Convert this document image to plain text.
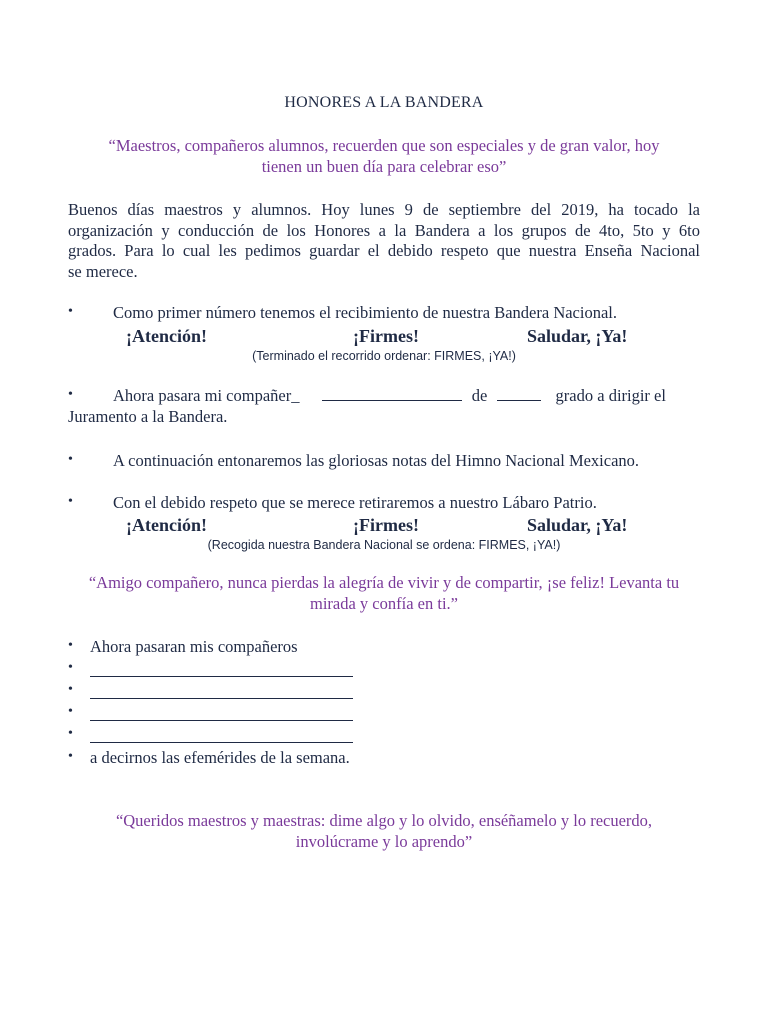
HONORES A LA BANDERA
“Maestros, compañeros alumnos, recuerden que son especiales y de gran valor, hoy
tienen un buen día para celebrar eso”
Buenos días maestros y alumnos. Hoy lunes 9 de septiembre del 2019, ha tocado la
organización y conducción de los Honores a la Bandera a los grupos de 4to, 5to y 6to
grados. Para lo cual les pedimos guardar el debido respeto que nuestra Enseña Nacional
se merece.
• Como primer número tenemos el recibimiento de nuestra Bandera Nacional.
¡Atención!	¡Firmes!	Saludar, ¡Ya!
(Terminado el recorrido ordenar: FIRMES, ¡YA!)
• Ahora pasara mi compañer_	de	grado a dirigir el
Juramento a la Bandera.
• A continuación entonaremos las gloriosas notas del Himno Nacional Mexicano.
• Con el debido respeto que se merece retiraremos a nuestro Lábaro Patrio.
¡Atención!	¡Firmes!	Saludar, ¡Ya!
(Recogida nuestra Bandera Nacional se ordena: FIRMES, ¡YA!)
“Amigo compañero, nunca pierdas la alegría de vivir y de compartir, ¡se feliz! Levanta tu
mirada y confía en ti.”
• Ahora pasaran mis compañeros
•
•
•
•
• a decirnos las efemérides de la semana.
“Queridos maestros y maestras: dime algo y lo olvido, enséñamelo y lo recuerdo,
involúcrame y lo aprendo”
